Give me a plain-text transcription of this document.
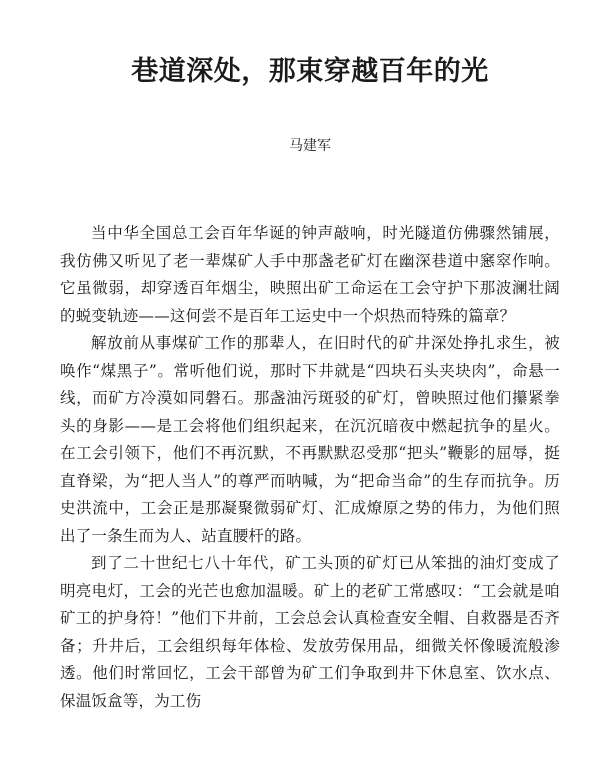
巷道深处，那束穿越百年的光
马建军

当中华全国总工会百年华诞的钟声敲响，时光隧道仿佛骤然铺展，我仿佛又听见了老一辈煤矿人手中那盏老矿灯在幽深巷道中窸窣作响。它虽微弱，却穿透百年烟尘，映照出矿工命运在工会守护下那波澜壮阔的蜕变轨迹——这何尝不是百年工运史中一个炽热而特殊的篇章？

解放前从事煤矿工作的那辈人，在旧时代的矿井深处挣扎求生，被唤作“煤黑子”。常听他们说，那时下井就是“四块石头夹块肉”，命悬一线，而矿方冷漠如同磐石。那盏油污斑驳的矿灯，曾映照过他们攥紧拳头的身影——是工会将他们组织起来，在沉沉暗夜中燃起抗争的星火。在工会引领下，他们不再沉默，不再默默忍受那“把头”鞭影的屈辱，挺直脊梁，为“把人当人”的尊严而呐喊，为“把命当命”的生存而抗争。历史洪流中，工会正是那凝聚微弱矿灯、汇成燎原之势的伟力，为他们照出了一条生而为人、站直腰杆的路。

到了二十世纪七八十年代，矿工头顶的矿灯已从笨拙的油灯变成了明亮电灯，工会的光芒也愈加温暖。矿上的老矿工常感叹：“工会就是咱矿工的护身符！”他们下井前，工会总会认真检查安全帽、自救器是否齐备；升井后，工会组织每年体检、发放劳保用品，细微关怀像暖流般渗透。他们时常回忆，工会干部曾为矿工们争取到井下休息室、饮水点、保温饭盒等，为工伤
